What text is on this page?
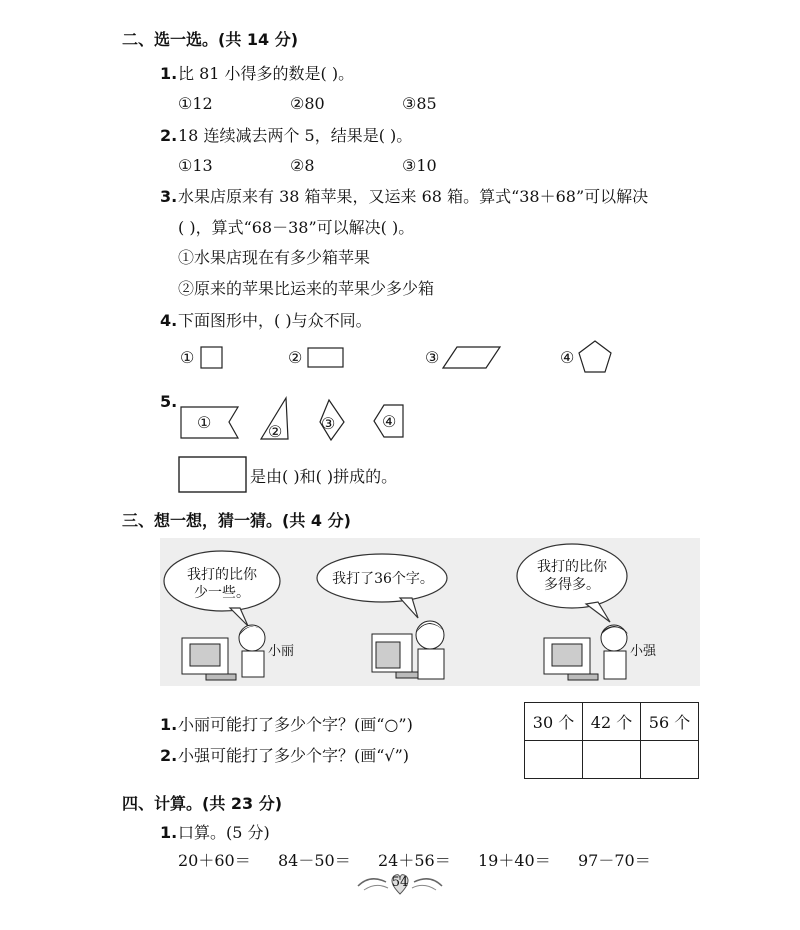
二、选一选。(共 14 分)
1. 比 81 小得多的数是( )。
①12	②80	③85
2. 18 连续减去两个 5，结果是( )。
①13	②8	③10
3. 水果店原来有 38 箱苹果，又运来 68 箱。算式“38＋68”可以解决
( )，算式“68－38”可以解决( )。
①水果店现在有多少箱苹果
②原来的苹果比运来的苹果少多少箱
4. 下面图形中，( )与众不同。
①	②	③	④
5.
①	② ③	④
是由( )和( )拼成的。
三、想一想，猜一猜。(共 4 分)
我打的比你
少一些。
我打了36个字。
我打的比你
多得多。
小丽	小强
1. 小丽可能打了多少个字？(画“○”)
2. 小强可能打了多少个字？(画“√”)
30 个	42 个	56 个

四、计算。(共 23 分)
1. 口算。(5 分)
20＋60＝ 84－50＝ 24＋56＝ 19＋40＝ 97－70＝
54
